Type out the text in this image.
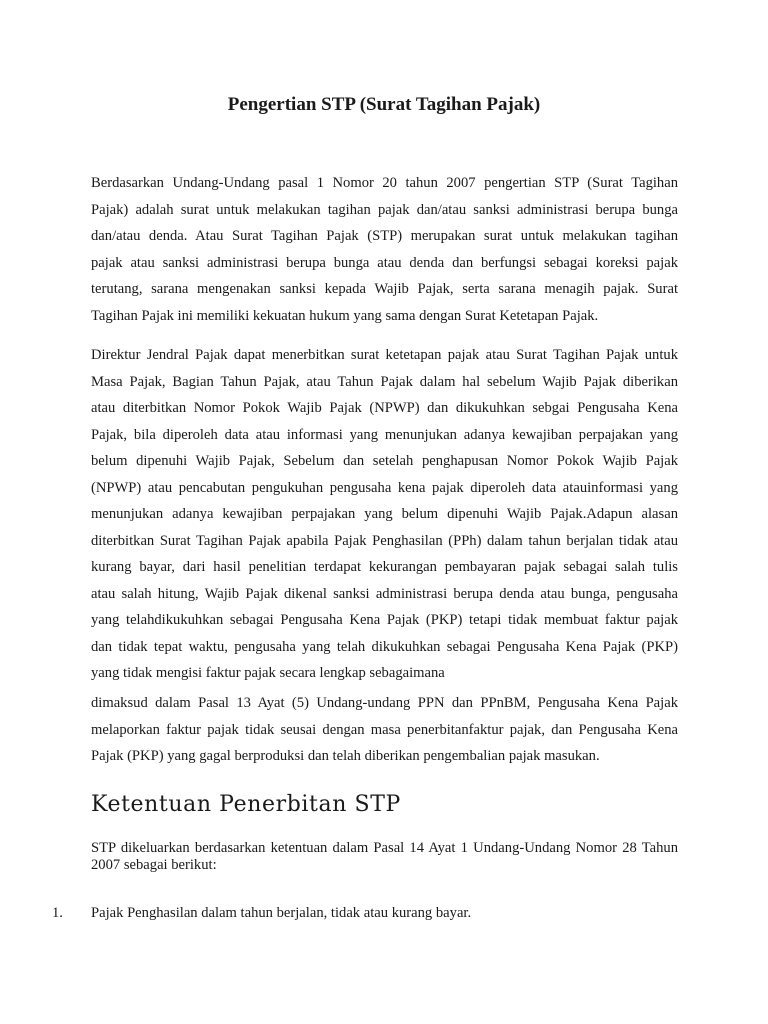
Pengertian STP (Surat Tagihan Pajak)

Berdasarkan Undang-Undang pasal 1 Nomor 20 tahun 2007 pengertian STP (Surat Tagihan
Pajak) adalah surat untuk melakukan tagihan pajak dan/atau sanksi administrasi berupa bunga
dan/atau denda. Atau Surat Tagihan Pajak (STP) merupakan surat untuk melakukan tagihan
pajak atau sanksi administrasi berupa bunga atau denda dan berfungsi sebagai koreksi pajak
terutang, sarana mengenakan sanksi kepada Wajib Pajak, serta sarana menagih pajak. Surat
Tagihan Pajak ini memiliki kekuatan hukum yang sama dengan Surat Ketetapan Pajak.

Direktur Jendral Pajak dapat menerbitkan surat ketetapan pajak atau Surat Tagihan Pajak untuk
Masa Pajak, Bagian Tahun Pajak, atau Tahun Pajak dalam hal sebelum Wajib Pajak diberikan
atau diterbitkan Nomor Pokok Wajib Pajak (NPWP) dan dikukuhkan sebgai Pengusaha Kena
Pajak, bila diperoleh data atau informasi yang menunjukan adanya kewajiban perpajakan yang
belum dipenuhi Wajib Pajak, Sebelum dan setelah penghapusan Nomor Pokok Wajib Pajak
(NPWP) atau pencabutan pengukuhan pengusaha kena pajak diperoleh data atauinformasi yang
menunjukan adanya kewajiban perpajakan yang belum dipenuhi Wajib Pajak.Adapun alasan
diterbitkan Surat Tagihan Pajak apabila Pajak Penghasilan (PPh) dalam tahun berjalan tidak atau
kurang bayar, dari hasil penelitian terdapat kekurangan pembayaran pajak sebagai salah tulis
atau salah hitung, Wajib Pajak dikenal sanksi administrasi berupa denda atau bunga, pengusaha
yang telahdikukuhkan sebagai Pengusaha Kena Pajak (PKP) tetapi tidak membuat faktur pajak
dan tidak tepat waktu, pengusaha yang telah dikukuhkan sebagai Pengusaha Kena Pajak (PKP)
yang tidak mengisi faktur pajak secara lengkap sebagaimana

dimaksud dalam Pasal 13 Ayat (5) Undang-undang PPN dan PPnBM, Pengusaha Kena Pajak
melaporkan faktur pajak tidak seusai dengan masa penerbitanfaktur pajak, dan Pengusaha Kena
Pajak (PKP) yang gagal berproduksi dan telah diberikan pengembalian pajak masukan.

Ketentuan Penerbitan STP

STP dikeluarkan berdasarkan ketentuan dalam Pasal 14 Ayat 1 Undang-Undang Nomor 28 Tahun
2007 sebagai berikut:

1. Pajak Penghasilan dalam tahun berjalan, tidak atau kurang bayar.
